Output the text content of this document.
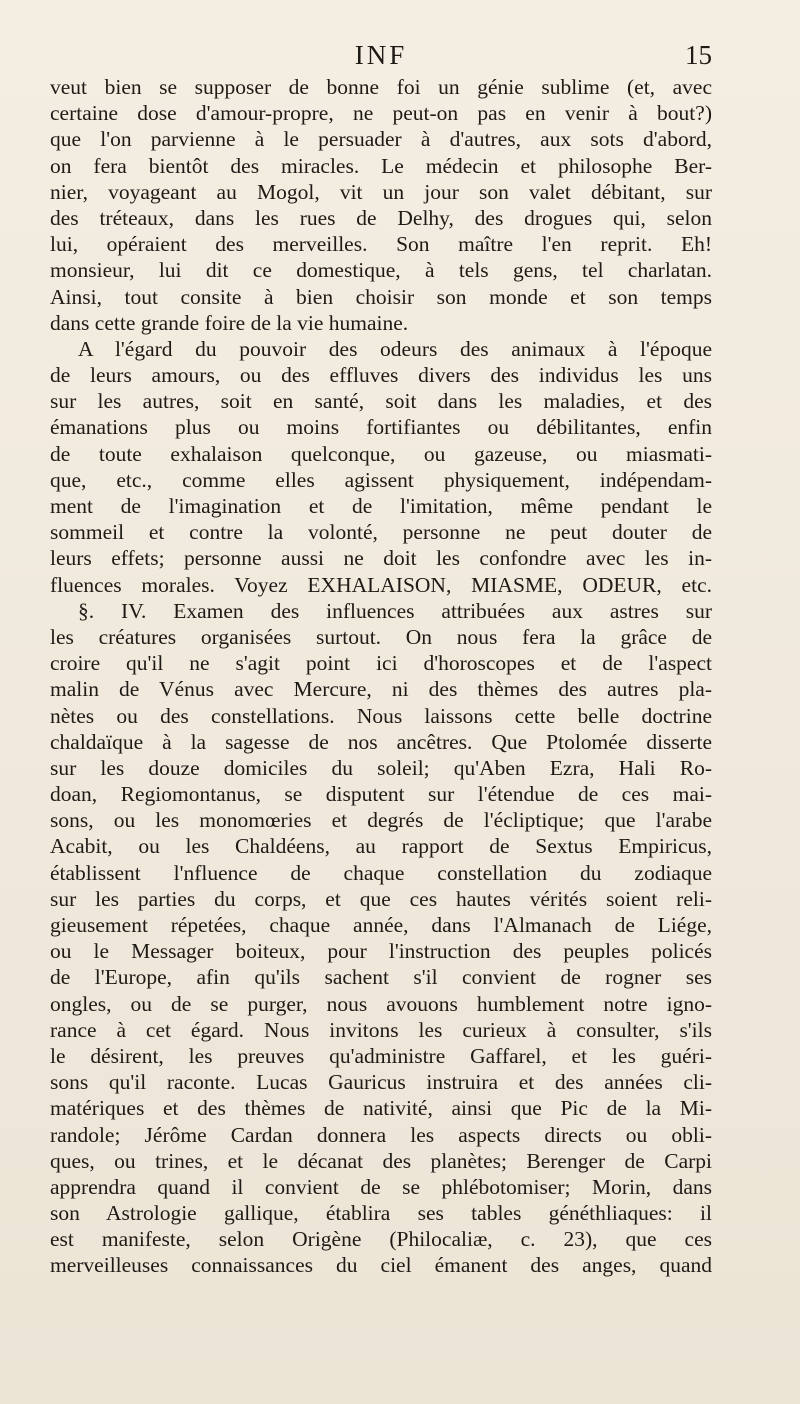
INF	15
veut bien se supposer de bonne foi un génie sublime (et, avec
certaine dose d'amour-propre, ne peut-on pas en venir à bout?)
que l'on parvienne à le persuader à d'autres, aux sots d'abord,
on fera bientôt des miracles. Le médecin et philosophe Ber-
nier, voyageant au Mogol, vit un jour son valet débitant, sur
des tréteaux, dans les rues de Delhy, des drogues qui, selon
lui, opéraient des merveilles. Son maître l'en reprit. Eh!
monsieur, lui dit ce domestique, à tels gens, tel charlatan.
Ainsi, tout consite à bien choisir son monde et son temps
dans cette grande foire de la vie humaine.
A l'égard du pouvoir des odeurs des animaux à l'époque
de leurs amours, ou des effluves divers des individus les uns
sur les autres, soit en santé, soit dans les maladies, et des
émanations plus ou moins fortifiantes ou débilitantes, enfin
de toute exhalaison quelconque, ou gazeuse, ou miasmati-
que, etc., comme elles agissent physiquement, indépendam-
ment de l'imagination et de l'imitation, même pendant le
sommeil et contre la volonté, personne ne peut douter de
leurs effets; personne aussi ne doit les confondre avec les in-
fluences morales. Voyez EXHALAISON, MIASME, ODEUR, etc.
§. IV. Examen des influences attribuées aux astres sur
les créatures organisées surtout. On nous fera la grâce de
croire qu'il ne s'agit point ici d'horoscopes et de l'aspect
malin de Vénus avec Mercure, ni des thèmes des autres pla-
nètes ou des constellations. Nous laissons cette belle doctrine
chaldaïque à la sagesse de nos ancêtres. Que Ptolomée disserte
sur les douze domiciles du soleil; qu'Aben Ezra, Hali Ro-
doan, Regiomontanus, se disputent sur l'étendue de ces mai-
sons, ou les monomœries et degrés de l'écliptique; que l'arabe
Acabit, ou les Chaldéens, au rapport de Sextus Empiricus,
établissent l'nfluence de chaque constellation du zodiaque
sur les parties du corps, et que ces hautes vérités soient reli-
gieusement répetées, chaque année, dans l'Almanach de Liége,
ou le Messager boiteux, pour l'instruction des peuples policés
de l'Europe, afin qu'ils sachent s'il convient de rogner ses
ongles, ou de se purger, nous avouons humblement notre igno-
rance à cet égard. Nous invitons les curieux à consulter, s'ils
le désirent, les preuves qu'administre Gaffarel, et les guéri-
sons qu'il raconte. Lucas Gauricus instruira et des années cli-
matériques et des thèmes de nativité, ainsi que Pic de la Mi-
randole; Jérôme Cardan donnera les aspects directs ou obli-
ques, ou trines, et le décanat des planètes; Berenger de Carpi
apprendra quand il convient de se phlébotomiser; Morin, dans
son Astrologie gallique, établira ses tables généthliaques: il
est manifeste, selon Origène (Philocaliæ, c. 23), que ces
merveilleuses connaissances du ciel émanent des anges, quand
